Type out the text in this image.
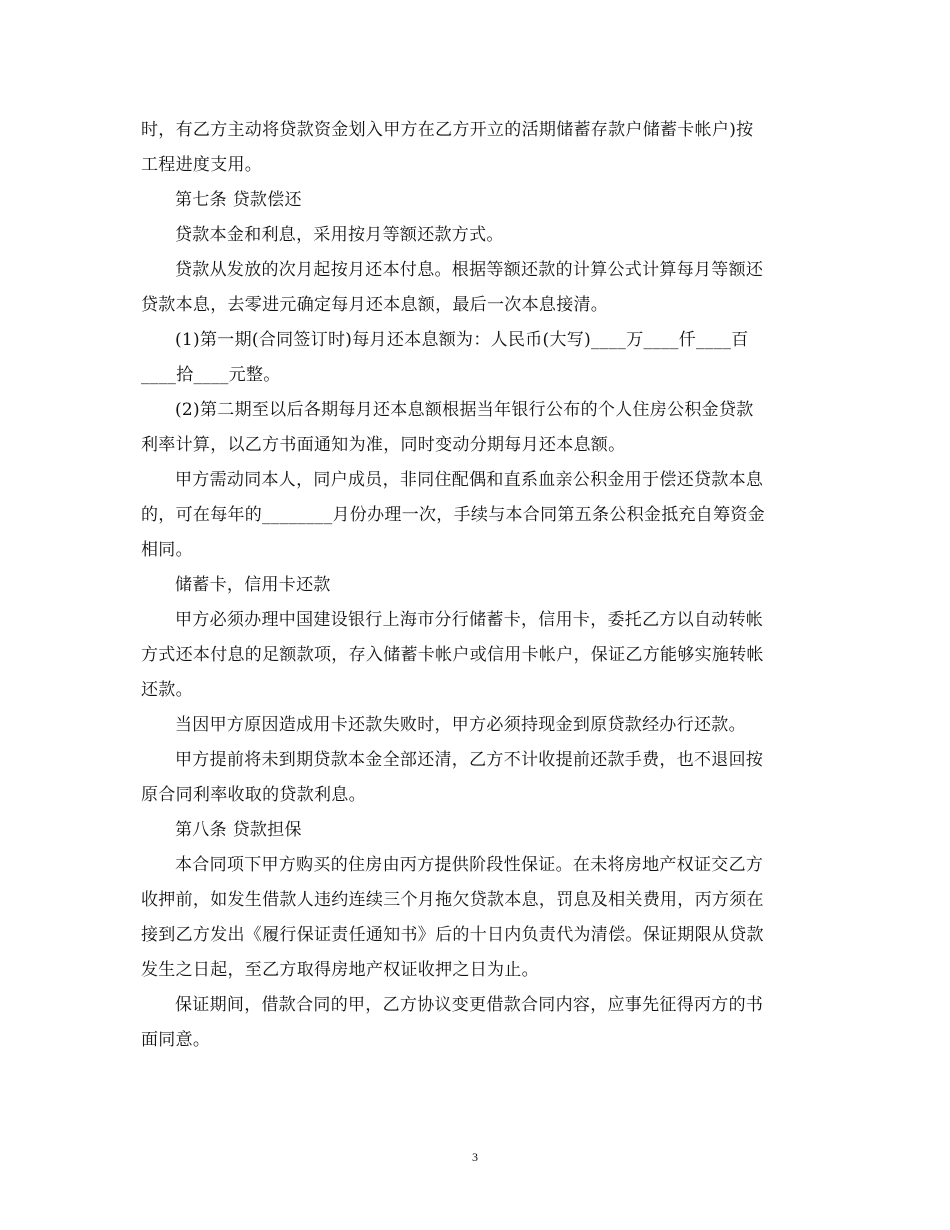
时，有乙方主动将贷款资金划入甲方在乙方开立的活期储蓄存款户储蓄卡帐户)按
工程进度支用。
第七条 贷款偿还
贷款本金和利息，采用按月等额还款方式。
贷款从发放的次月起按月还本付息。根据等额还款的计算公式计算每月等额还
贷款本息，去零进元确定每月还本息额，最后一次本息接清。
(1)第一期(合同签订时)每月还本息额为：人民币(大写)____万____仟____百
____拾____元整。
(2)第二期至以后各期每月还本息额根据当年银行公布的个人住房公积金贷款
利率计算，以乙方书面通知为准，同时变动分期每月还本息额。
甲方需动同本人，同户成员，非同住配偶和直系血亲公积金用于偿还贷款本息
的，可在每年的________月份办理一次，手续与本合同第五条公积金抵充自筹资金
相同。
储蓄卡，信用卡还款
甲方必须办理中国建设银行上海市分行储蓄卡，信用卡，委托乙方以自动转帐
方式还本付息的足额款项，存入储蓄卡帐户或信用卡帐户，保证乙方能够实施转帐
还款。
当因甲方原因造成用卡还款失败时，甲方必须持现金到原贷款经办行还款。
甲方提前将未到期贷款本金全部还清，乙方不计收提前还款手费，也不退回按
原合同利率收取的贷款利息。
第八条 贷款担保
本合同项下甲方购买的住房由丙方提供阶段性保证。在未将房地产权证交乙方
收押前，如发生借款人违约连续三个月拖欠贷款本息，罚息及相关费用，丙方须在
接到乙方发出《履行保证责任通知书》后的十日内负责代为清偿。保证期限从贷款
发生之日起，至乙方取得房地产权证收押之日为止。
保证期间，借款合同的甲，乙方协议变更借款合同内容，应事先征得丙方的书
面同意。
3
